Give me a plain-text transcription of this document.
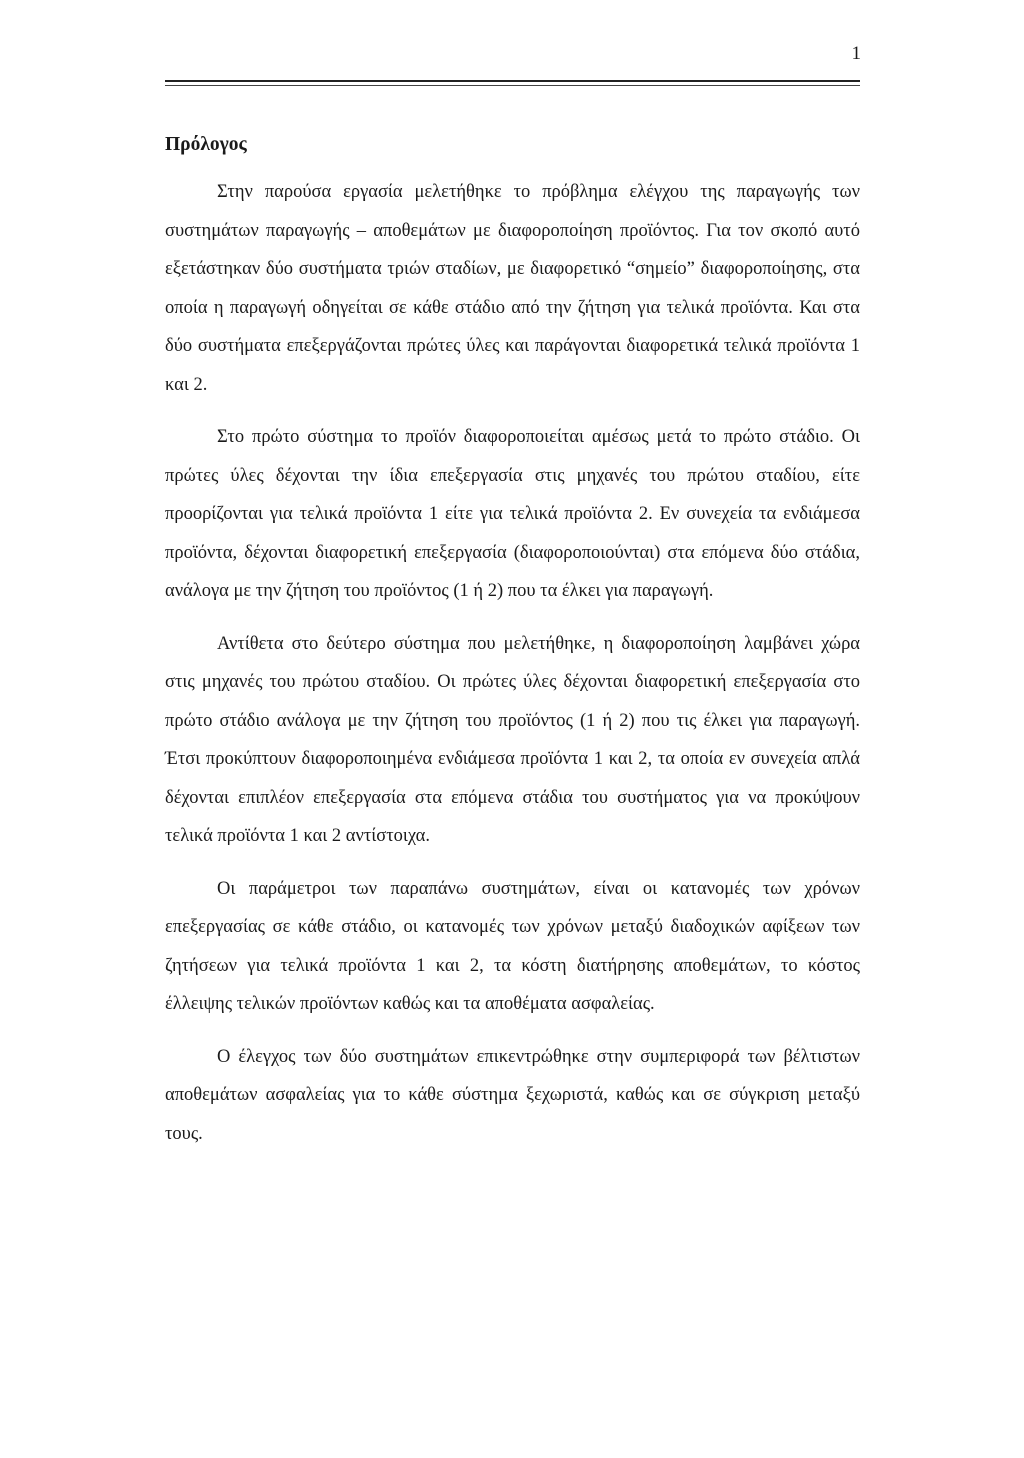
1
Πρόλογος

Στην παρούσα εργασία μελετήθηκε το πρόβλημα ελέγχου της παραγωγής των συστημάτων παραγωγής – αποθεμάτων με διαφοροποίηση προϊόντος. Για τον σκοπό αυτό εξετάστηκαν δύο συστήματα τριών σταδίων, με διαφορετικό “σημείο” διαφοροποίησης, στα οποία η παραγωγή οδηγείται σε κάθε στάδιο από την ζήτηση για τελικά προϊόντα. Και στα δύο συστήματα επεξεργάζονται πρώτες ύλες και παράγονται διαφορετικά τελικά προϊόντα 1 και 2.

Στο πρώτο σύστημα το προϊόν διαφοροποιείται αμέσως μετά το πρώτο στάδιο. Οι πρώτες ύλες δέχονται την ίδια επεξεργασία στις μηχανές του πρώτου σταδίου, είτε προορίζονται για τελικά προϊόντα 1 είτε για τελικά προϊόντα 2. Εν συνεχεία τα ενδιάμεσα προϊόντα, δέχονται διαφορετική επεξεργασία (διαφοροποιούνται) στα επόμενα δύο στάδια, ανάλογα με την ζήτηση του προϊόντος (1 ή 2) που τα έλκει για παραγωγή.

Αντίθετα στο δεύτερο σύστημα που μελετήθηκε, η διαφοροποίηση λαμβάνει χώρα στις μηχανές του πρώτου σταδίου. Οι πρώτες ύλες δέχονται διαφορετική επεξεργασία στο πρώτο στάδιο ανάλογα με την ζήτηση του προϊόντος (1 ή 2) που τις έλκει για παραγωγή. Έτσι προκύπτουν διαφοροποιημένα ενδιάμεσα προϊόντα 1 και 2, τα οποία εν συνεχεία απλά δέχονται επιπλέον επεξεργασία στα επόμενα στάδια του συστήματος για να προκύψουν τελικά προϊόντα 1 και 2 αντίστοιχα.

Οι παράμετροι των παραπάνω συστημάτων, είναι οι κατανομές των χρόνων επεξεργασίας σε κάθε στάδιο, οι κατανομές των χρόνων μεταξύ διαδοχικών αφίξεων των ζητήσεων για τελικά προϊόντα 1 και 2, τα κόστη διατήρησης αποθεμάτων, το κόστος έλλειψης τελικών προϊόντων καθώς και τα αποθέματα ασφαλείας.

Ο έλεγχος των δύο συστημάτων επικεντρώθηκε στην συμπεριφορά των βέλτιστων αποθεμάτων ασφαλείας για το κάθε σύστημα ξεχωριστά, καθώς και σε σύγκριση μεταξύ τους.
